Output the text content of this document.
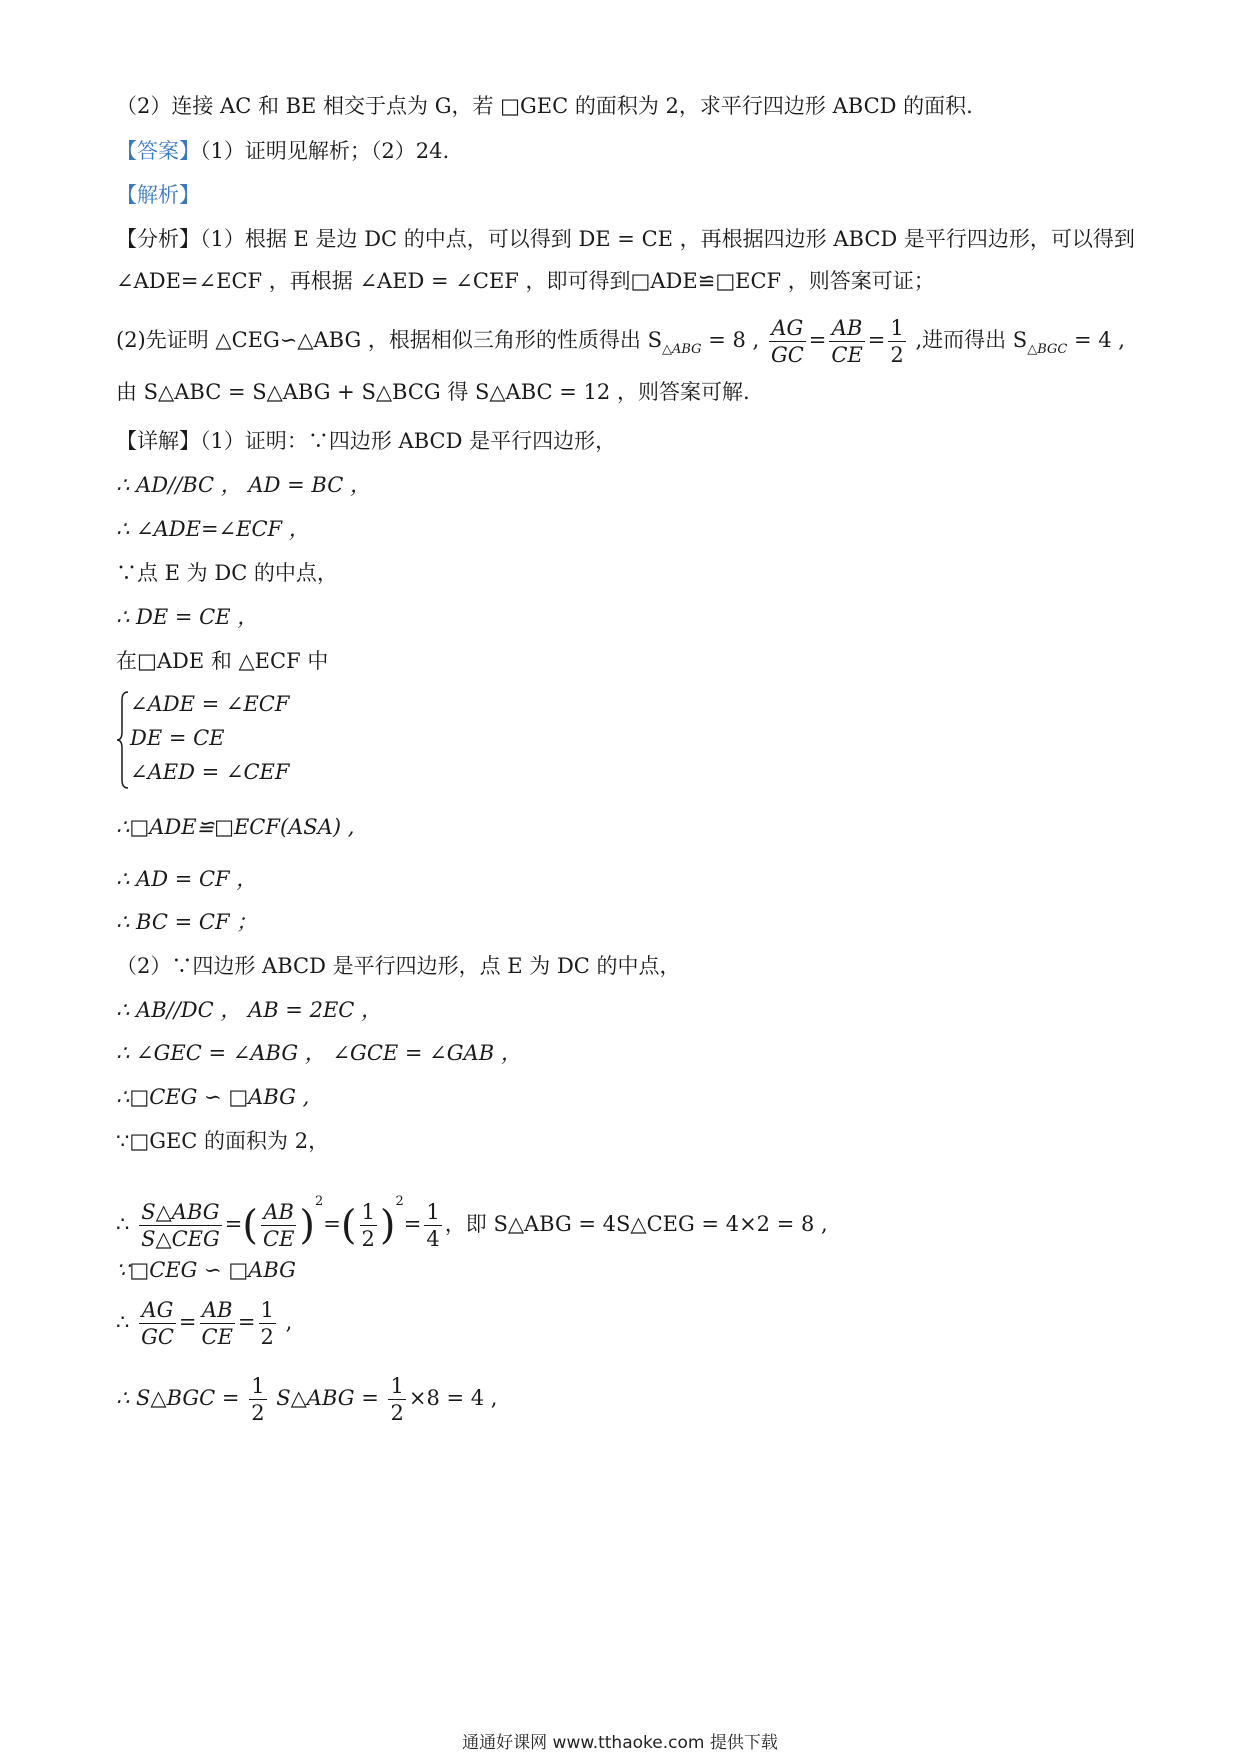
（2）连接 AC 和 BE 相交于点为 G，若 □GEC 的面积为 2，求平行四边形 ABCD 的面积.
【答案】（1）证明见解析；（2）24.
【解析】
【分析】（1）根据 E 是边 DC 的中点，可以得到 DE = CE ，再根据四边形 ABCD 是平行四边形，可以得到
∠ADE=∠ECF ，再根据 ∠AED = ∠CEF ，即可得到□ADE≌□ECF ，则答案可证；
(2)先证明 △CEG∽△ABG ，根据相似三角形的性质得出 $S_{\triangle ABG} = 8$ , $\frac{AG}{GC} = \frac{AB}{CE} = \frac{1}{2}$ ,进而得出 $S_{\triangle BGC} = 4$ ,
由 S△ABC = S△ABG + S△BCG 得 S△ABC = 12 ，则答案可解.
【详解】（1）证明：∵四边形 ABCD 是平行四边形，
∴ AD//BC ， AD = BC ，
∴ ∠ADE=∠ECF ，
∵点 E 为 DC 的中点，
∴ DE = CE ，
在□ADE 和 △ECF 中
∠ADE = ∠ECF
DE = CE
∠AED = ∠CEF
∴□ADE≌□ECF(ASA) ,
∴ AD = CF ，
∴ BC = CF ；
（2）∵四边形 ABCD 是平行四边形，点 E 为 DC 的中点，
∴ AB//DC ， AB = 2EC ，
∴ ∠GEC = ∠ABG ， ∠GCE = ∠GAB ，
∴□CEG ∽ □ABG ,
∵□GEC 的面积为 2，
∴ $\frac{\text{S△ABG}}{\text{S△CEG}}$ =( $\frac{AB}{CE} )^2=( \frac{1}{2} )^2= \frac{1}{4}$ ，即 S△ABG = 4S△CEG = 4×2 = 8 ,
∵□CEG ∽ □ABG
∴ $\frac{AG}{GC} = \frac{AB}{CE} = \frac{1}{2}$ ,
∴ S△BGC = $\frac{1}{2}$ S△ABG = $\frac{1}{2} \times 8 = 4$ ,
通通好课网 www.tthaoke.com 提供下载
